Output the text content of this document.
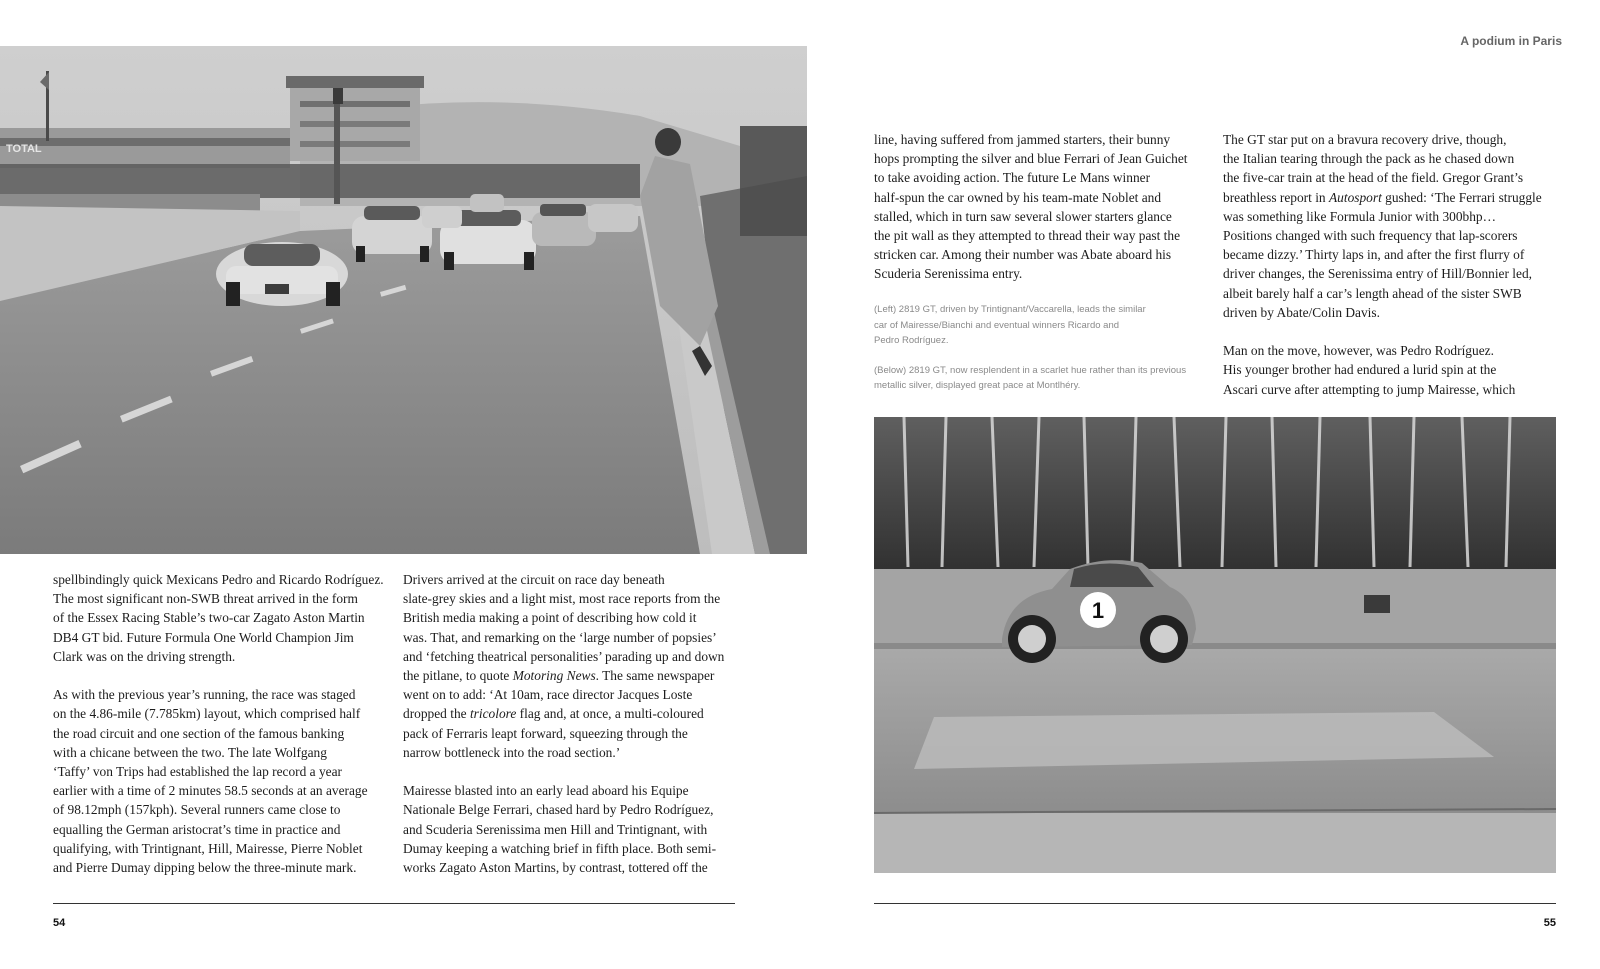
A podium in Paris
TOTAL

spellbindingly quick Mexicans Pedro and Ricardo Rodríguez.
The most significant non-SWB threat arrived in the form
of the Essex Racing Stable’s two-car Zagato Aston Martin
DB4 GT bid. Future Formula One World Champion Jim
Clark was on the driving strength.

As with the previous year’s running, the race was staged
on the 4.86-mile (7.785km) layout, which comprised half
the road circuit and one section of the famous banking
with a chicane between the two. The late Wolfgang
‘Taffy’ von Trips had established the lap record a year
earlier with a time of 2 minutes 58.5 seconds at an average
of 98.12mph (157kph). Several runners came close to
equalling the German aristocrat’s time in practice and
qualifying, with Trintignant, Hill, Mairesse, Pierre Noblet
and Pierre Dumay dipping below the three-minute mark.

Drivers arrived at the circuit on race day beneath
slate-grey skies and a light mist, most race reports from the
British media making a point of describing how cold it
was. That, and remarking on the ‘large number of popsies’
and ‘fetching theatrical personalities’ parading up and down
the pitlane, to quote Motoring News. The same newspaper
went on to add: ‘At 10am, race director Jacques Loste
dropped the tricolore flag and, at once, a multi-coloured
pack of Ferraris leapt forward, squeezing through the
narrow bottleneck into the road section.’

Mairesse blasted into an early lead aboard his Equipe
Nationale Belge Ferrari, chased hard by Pedro Rodríguez,
and Scuderia Serenissima men Hill and Trintignant, with
Dumay keeping a watching brief in fifth place. Both semi-
works Zagato Aston Martins, by contrast, tottered off the

54

line, having suffered from jammed starters, their bunny
hops prompting the silver and blue Ferrari of Jean Guichet
to take avoiding action. The future Le Mans winner
half-spun the car owned by his team-mate Noblet and
stalled, which in turn saw several slower starters glance
the pit wall as they attempted to thread their way past the
stricken car. Among their number was Abate aboard his
Scuderia Serenissima entry.

(Left) 2819 GT, driven by Trintignant/Vaccarella, leads the similar
car of Mairesse/Bianchi and eventual winners Ricardo and
Pedro Rodríguez.

(Below) 2819 GT, now resplendent in a scarlet hue rather than its previous
metallic silver, displayed great pace at Montlhéry.

The GT star put on a bravura recovery drive, though,
the Italian tearing through the pack as he chased down
the five-car train at the head of the field. Gregor Grant’s
breathless report in Autosport gushed: ‘The Ferrari struggle
was something like Formula Junior with 300bhp…
Positions changed with such frequency that lap-scorers
became dizzy.’ Thirty laps in, and after the first flurry of
driver changes, the Serenissima entry of Hill/Bonnier led,
albeit barely half a car’s length ahead of the sister SWB
driven by Abate/Colin Davis.

Man on the move, however, was Pedro Rodríguez.
His younger brother had endured a lurid spin at the
Ascari curve after attempting to jump Mairesse, which

1
55
